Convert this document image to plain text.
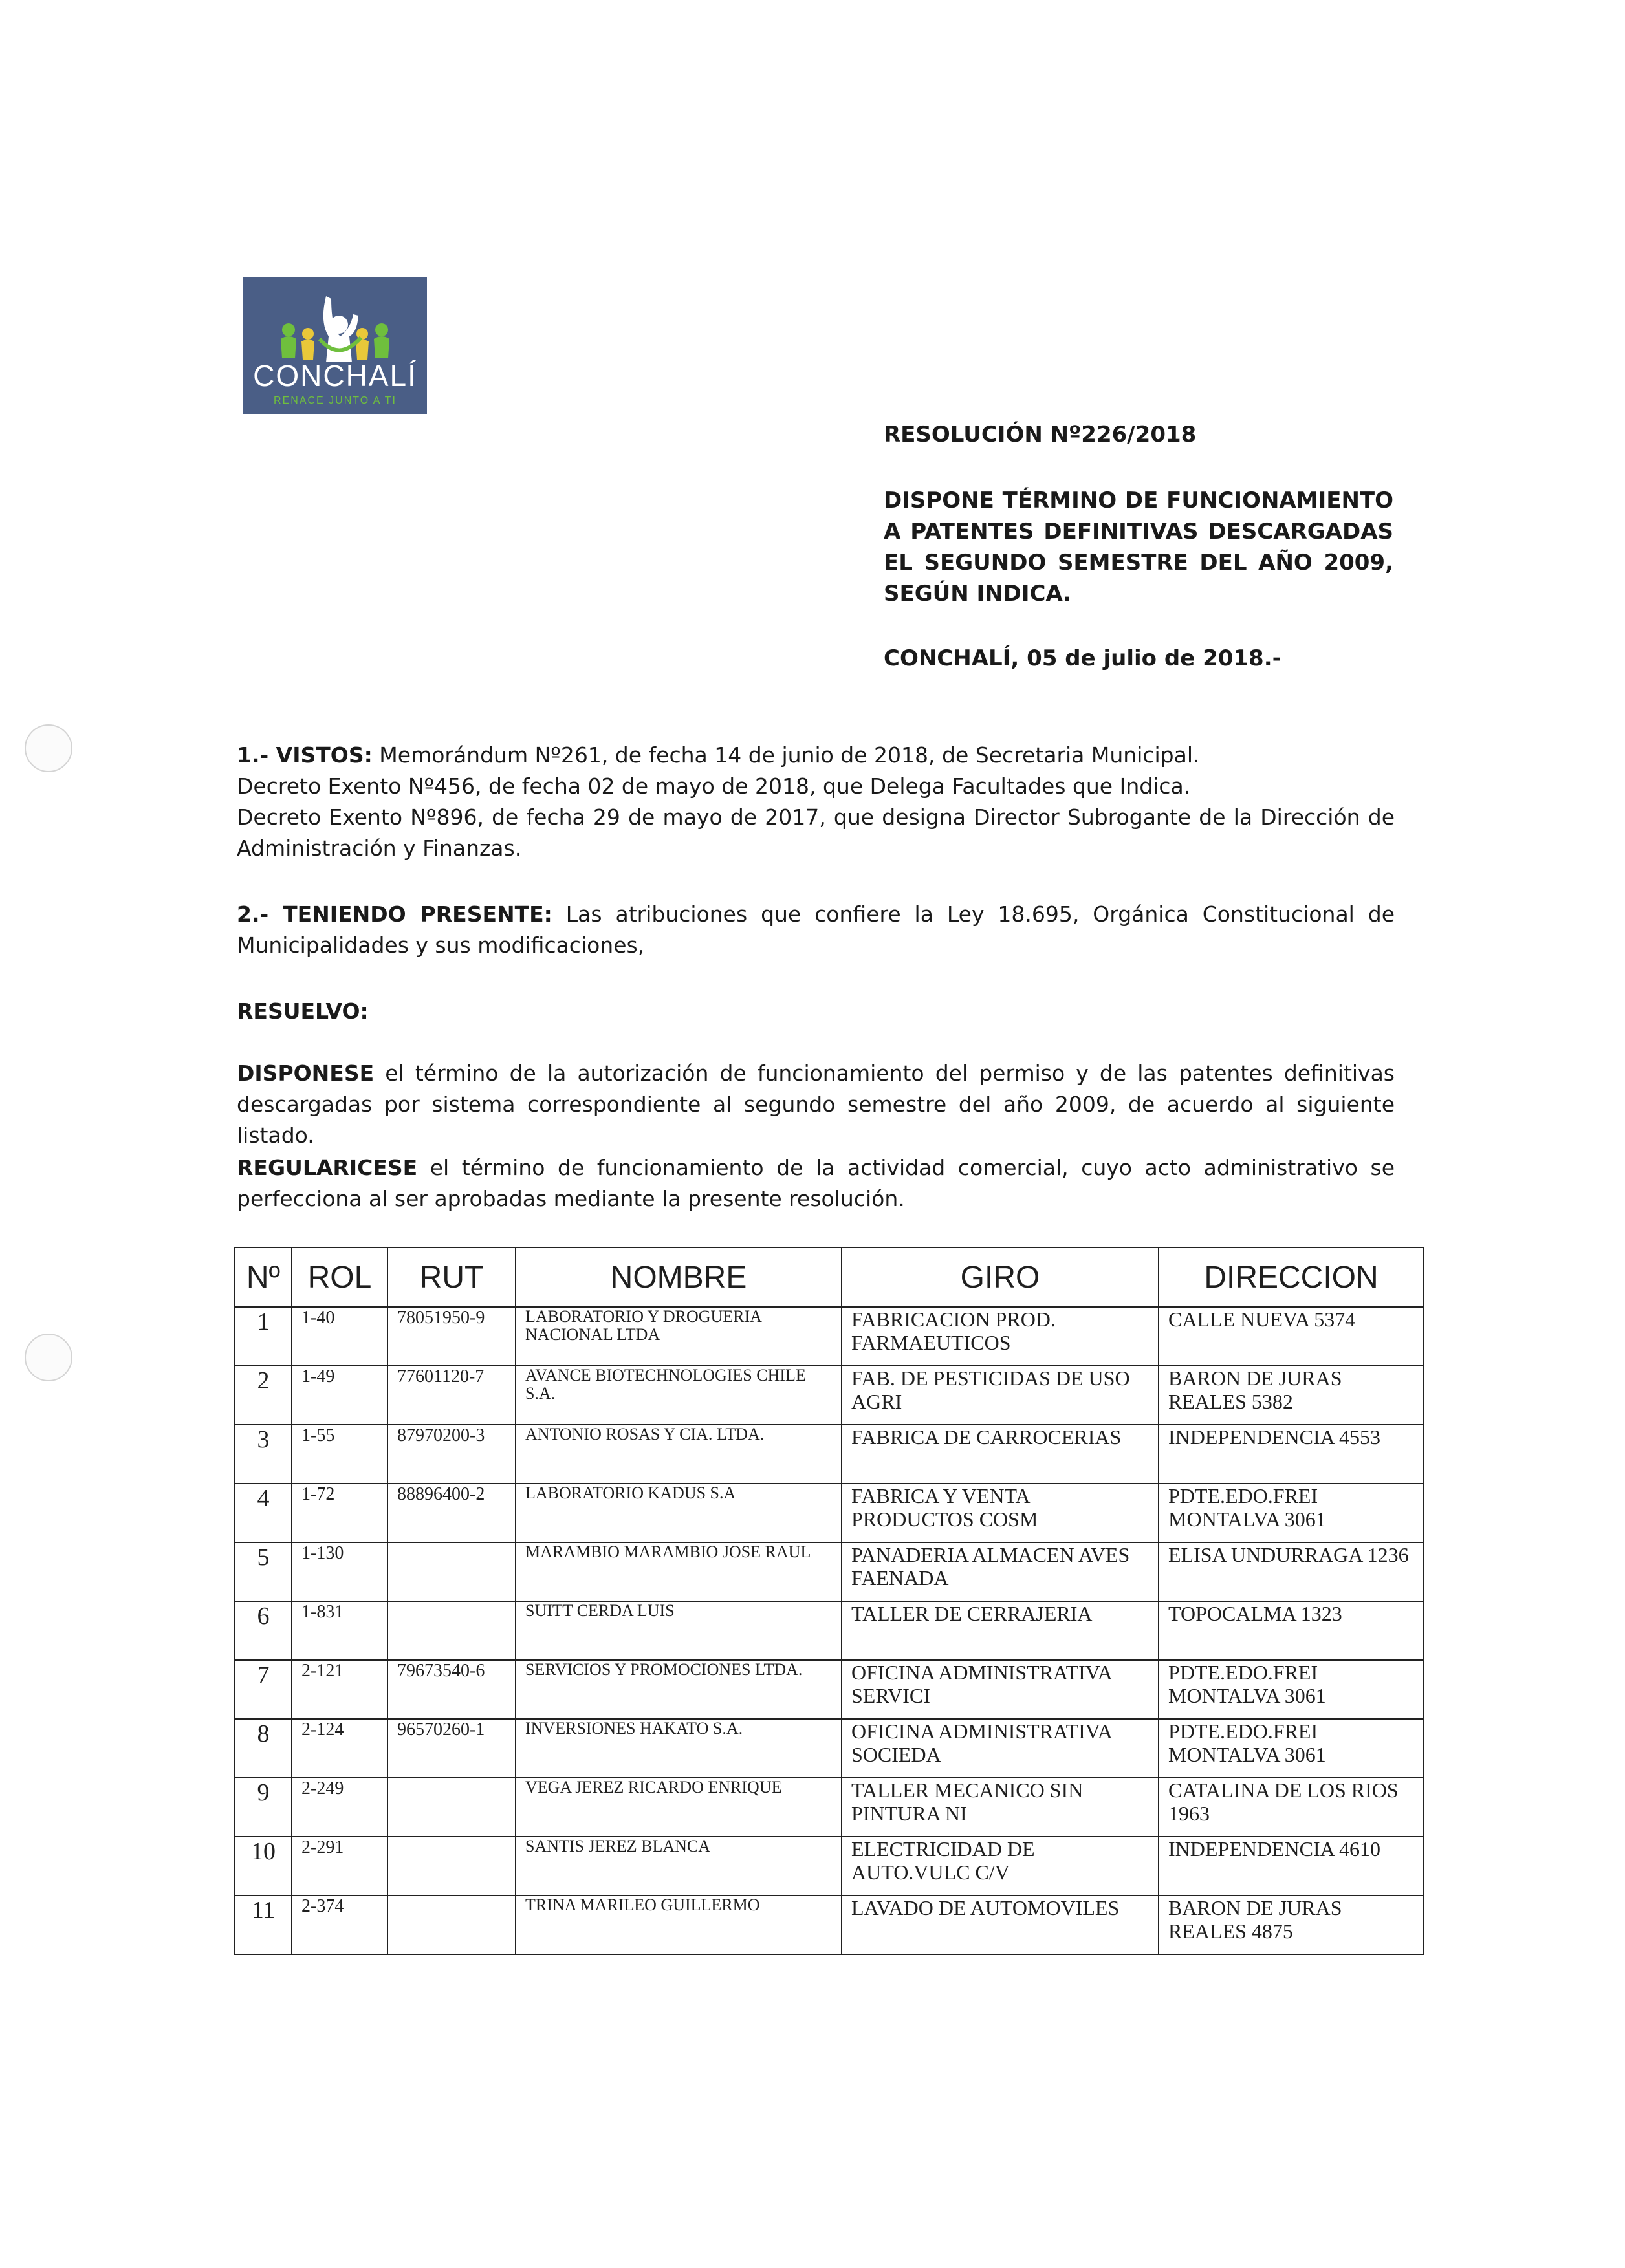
CONCHALÍ
RENACE JUNTO A TI
RESOLUCIÓN Nº226/2018
DISPONE TÉRMINO DE FUNCIONAMIENTO A PATENTES DEFINITIVAS DESCARGADAS EL SEGUNDO SEMESTRE DEL AÑO 2009, SEGÚN INDICA.
CONCHALÍ, 05 de julio de 2018.-

1.- VISTOS: Memorándum Nº261, de fecha 14 de junio de 2018, de Secretaria Municipal.

Decreto Exento Nº456, de fecha 02 de mayo de 2018, que Delega Facultades que Indica.

Decreto Exento Nº896, de fecha 29 de mayo de 2017, que designa Director Subrogante de la Dirección de Administración y Finanzas.

2.- TENIENDO PRESENTE: Las atribuciones que confiere la Ley 18.695, Orgánica Constitucional de Municipalidades y sus modificaciones,

RESUELVO:

DISPONESE el término de la autorización de funcionamiento del permiso y de las patentes definitivas descargadas por sistema correspondiente al segundo semestre del año 2009, de acuerdo al siguiente listado.

REGULARICESE el término de funcionamiento de la actividad comercial, cuyo acto administrativo se perfecciona al ser aprobadas mediante la presente resolución.

Nº	ROL	RUT	NOMBRE	GIRO	DIRECCION
1	1-40	78051950-9	LABORATORIO Y DROGUERIA NACIONAL LTDA	FABRICACION PROD. FARMAEUTICOS	CALLE NUEVA 5374
2	1-49	77601120-7	AVANCE BIOTECHNOLOGIES CHILE S.A.	FAB. DE PESTICIDAS DE USO AGRI	BARON DE JURAS REALES 5382
3	1-55	87970200-3	ANTONIO ROSAS Y CIA. LTDA.	FABRICA DE CARROCERIAS	INDEPENDENCIA 4553
4	1-72	88896400-2	LABORATORIO KADUS S.A	FABRICA Y VENTA PRODUCTOS COSM	PDTE.EDO.FREI MONTALVA 3061
5	1-130		MARAMBIO MARAMBIO JOSE RAUL	PANADERIA ALMACEN AVES FAENADA	ELISA UNDURRAGA 1236
6	1-831		SUITT CERDA LUIS	TALLER DE CERRAJERIA	TOPOCALMA 1323
7	2-121	79673540-6	SERVICIOS Y PROMOCIONES LTDA.	OFICINA ADMINISTRATIVA SERVICI	PDTE.EDO.FREI MONTALVA 3061
8	2-124	96570260-1	INVERSIONES HAKATO S.A.	OFICINA ADMINISTRATIVA SOCIEDA	PDTE.EDO.FREI MONTALVA 3061
9	2-249		VEGA JEREZ RICARDO ENRIQUE	TALLER MECANICO SIN PINTURA NI	CATALINA DE LOS RIOS 1963
10	2-291		SANTIS JEREZ BLANCA	ELECTRICIDAD DE AUTO.VULC C/V	INDEPENDENCIA 4610
11	2-374		TRINA MARILEO GUILLERMO	LAVADO DE AUTOMOVILES	BARON DE JURAS REALES 4875
